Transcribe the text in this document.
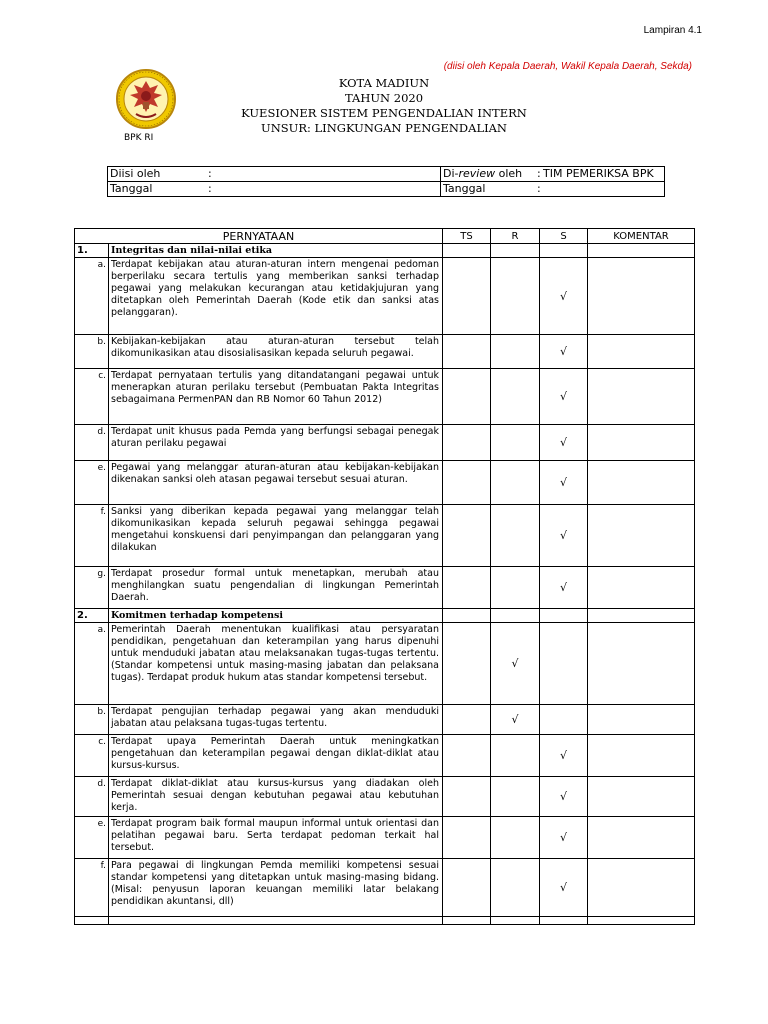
Lampiran 4.1
(diisi oleh Kepala Daerah, Wakil Kepala Daerah, Sekda)
BPK RI
KOTA MADIUN
TAHUN 2020
KUESIONER SISTEM PENGENDALIAN INTERN
UNSUR: LINGKUNGAN PENGENDALIAN
Diisi oleh :	Di-review oleh : TIM PEMERIKSA BPK

Tanggal :	Tanggal :
PERNYATAAN		TS	R	S	KOMENTAR
1.	Integritas dan nilai-nilai etika				
a.	Terdapat kebijakan atau aturan-aturan intern mengenai pedoman berperilaku secara tertulis yang memberikan sanksi terhadap pegawai yang melakukan kecurangan atau ketidakjujuran yang ditetapkan oleh Pemerintah Daerah (Kode etik dan sanksi atas pelanggaran).			√	
b.	Kebijakan-kebijakan atau aturan-aturan tersebut telah dikomunikasikan atau disosialisasikan kepada seluruh pegawai.			√	
c.	Terdapat pernyataan tertulis yang ditandatangani pegawai untuk menerapkan aturan perilaku tersebut (Pembuatan Pakta Integritas sebagaimana PermenPAN dan RB Nomor 60 Tahun 2012)			√	
d.	Terdapat unit khusus pada Pemda yang berfungsi sebagai penegak aturan perilaku pegawai			√	
e.	Pegawai yang melanggar aturan-aturan atau kebijakan-kebijakan dikenakan sanksi oleh atasan pegawai tersebut sesuai aturan.			√	
f.	Sanksi yang diberikan kepada pegawai yang melanggar telah dikomunikasikan kepada seluruh pegawai sehingga pegawai mengetahui konskuensi dari penyimpangan dan pelanggaran yang dilakukan			√	
g.	Terdapat prosedur formal untuk menetapkan, merubah atau menghilangkan suatu pengendalian di lingkungan Pemerintah Daerah.			√	
2.	Komitmen terhadap kompetensi				
a.	Pemerintah Daerah menentukan kualifikasi atau persyaratan pendidikan, pengetahuan dan keterampilan yang harus dipenuhi untuk menduduki jabatan atau melaksanakan tugas-tugas tertentu. (Standar kompetensi untuk masing-masing jabatan dan pelaksana tugas). Terdapat produk hukum atas standar kompetensi tersebut.		√		
b.	Terdapat pengujian terhadap pegawai yang akan menduduki jabatan atau pelaksana tugas-tugas tertentu.		√		
c.	Terdapat upaya Pemerintah Daerah untuk meningkatkan pengetahuan dan keterampilan pegawai dengan diklat-diklat atau kursus-kursus.			√	
d.	Terdapat diklat-diklat atau kursus-kursus yang diadakan oleh Pemerintah sesuai dengan kebutuhan pegawai atau kebutuhan kerja.			√	
e.	Terdapat program baik formal maupun informal untuk orientasi dan pelatihan pegawai baru. Serta terdapat pedoman terkait hal tersebut.			√	
f.	Para pegawai di lingkungan Pemda memiliki kompetensi sesuai standar kompetensi yang ditetapkan untuk masing-masing bidang. (Misal: penyusun laporan keuangan memiliki latar belakang pendidikan akuntansi, dll)			√	
